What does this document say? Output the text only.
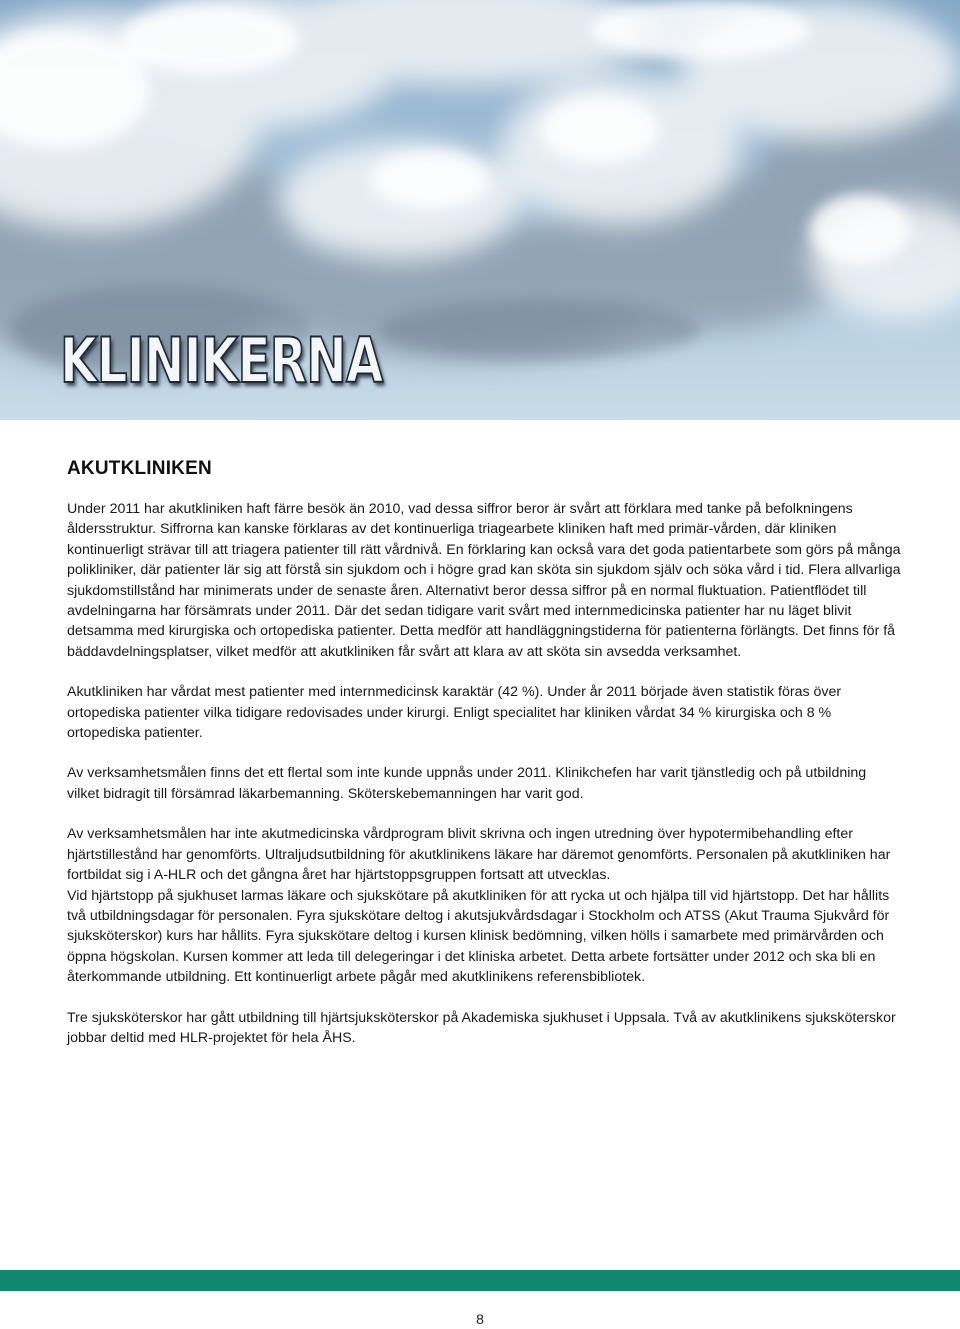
KLINIKERNA
AKUTKLINIKEN

Under 2011 har akutkliniken haft färre besök än 2010, vad dessa siffror beror är svårt att förklara med tanke på befolkningens åldersstruktur. Siffrorna kan kanske förklaras av det kontinuerliga triagearbete kliniken haft med primär-vården, där kliniken kontinuerligt strävar till att triagera patienter till rätt vårdnivå. En förklaring kan också vara det goda patientarbete som görs på många polikliniker, där patienter lär sig att förstå sin sjukdom och i högre grad kan sköta sin sjukdom själv och söka vård i tid. Flera allvarliga sjukdomstillstånd har minimerats under de senaste åren. Alternativt beror dessa siffror på en normal fluktuation. Patientflödet till avdelningarna har försämrats under 2011. Där det sedan tidigare varit svårt med internmedicinska patienter har nu läget blivit detsamma med kirurgiska och ortopediska patienter. Detta medför att handläggningstiderna för patienterna förlängts. Det finns för få bäddavdelningsplatser, vilket medför att akutkliniken får svårt att klara av att sköta sin avsedda verksamhet.

Akutkliniken har vårdat mest patienter med internmedicinsk karaktär (42 %). Under år 2011 började även statistik föras över ortopediska patienter vilka tidigare redovisades under kirurgi. Enligt specialitet har kliniken vårdat 34 % kirurgiska och 8 % ortopediska patienter.

Av verksamhetsmålen finns det ett flertal som inte kunde uppnås under 2011. Klinikchefen har varit tjänstledig och på utbildning vilket bidragit till försämrad läkarbemanning. Sköterskebemanningen har varit god.

Av verksamhetsmålen har inte akutmedicinska vårdprogram blivit skrivna och ingen utredning över hypotermibehandling efter hjärtstillestånd har genomförts. Ultraljudsutbildning för akutklinikens läkare har däremot genomförts. Personalen på akutkliniken har fortbildat sig i A-HLR och det gångna året har hjärtstoppsgruppen fortsatt att utvecklas.
Vid hjärtstopp på sjukhuset larmas läkare och sjukskötare på akutkliniken för att rycka ut och hjälpa till vid hjärtstopp. Det har hållits två utbildningsdagar för personalen. Fyra sjukskötare deltog i akutsjukvårdsdagar i Stockholm och ATSS (Akut Trauma Sjukvård för sjuksköterskor) kurs har hållits. Fyra sjukskötare deltog i kursen klinisk bedömning, vilken hölls i samarbete med primärvården och öppna högskolan. Kursen kommer att leda till delegeringar i det kliniska arbetet. Detta arbete fortsätter under 2012 och ska bli en återkommande utbildning. Ett kontinuerligt arbete pågår med akutklinikens referensbibliotek.

Tre sjuksköterskor har gått utbildning till hjärtsjuksköterskor på Akademiska sjukhuset i Uppsala. Två av akutklinikens sjuksköterskor jobbar deltid med HLR-projektet för hela ÅHS.

8
